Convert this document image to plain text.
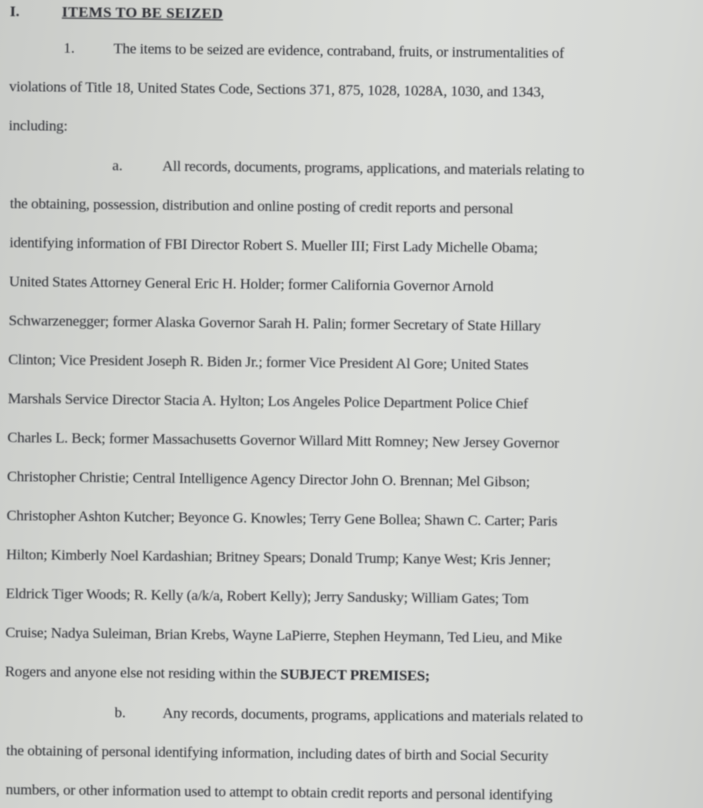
I.	ITEMS TO BE SEIZED
1.	The items to be seized are evidence, contraband, fruits, or instrumentalities of
violations of Title 18, United States Code, Sections 371, 875, 1028, 1028A, 1030, and 1343,
including:
a.	All records, documents, programs, applications, and materials relating to
the obtaining, possession, distribution and online posting of credit reports and personal
identifying information of FBI Director Robert S. Mueller III; First Lady Michelle Obama;
United States Attorney General Eric H. Holder; former California Governor Arnold
Schwarzenegger; former Alaska Governor Sarah H. Palin; former Secretary of State Hillary
Clinton; Vice President Joseph R. Biden Jr.; former Vice President Al Gore; United States
Marshals Service Director Stacia A. Hylton; Los Angeles Police Department Police Chief
Charles L. Beck; former Massachusetts Governor Willard Mitt Romney; New Jersey Governor
Christopher Christie; Central Intelligence Agency Director John O. Brennan; Mel Gibson;
Christopher Ashton Kutcher; Beyonce G. Knowles; Terry Gene Bollea; Shawn C. Carter; Paris
Hilton; Kimberly Noel Kardashian; Britney Spears; Donald Trump; Kanye West; Kris Jenner;
Eldrick Tiger Woods; R. Kelly (a/k/a, Robert Kelly); Jerry Sandusky; William Gates; Tom
Cruise; Nadya Suleiman, Brian Krebs, Wayne LaPierre, Stephen Heymann, Ted Lieu, and Mike
Rogers and anyone else not residing within the SUBJECT PREMISES;
b. Any records, documents, programs, applications and materials related to
the obtaining of personal identifying information, including dates of birth and Social Security
numbers, or other information used to attempt to obtain credit reports and personal identifying
